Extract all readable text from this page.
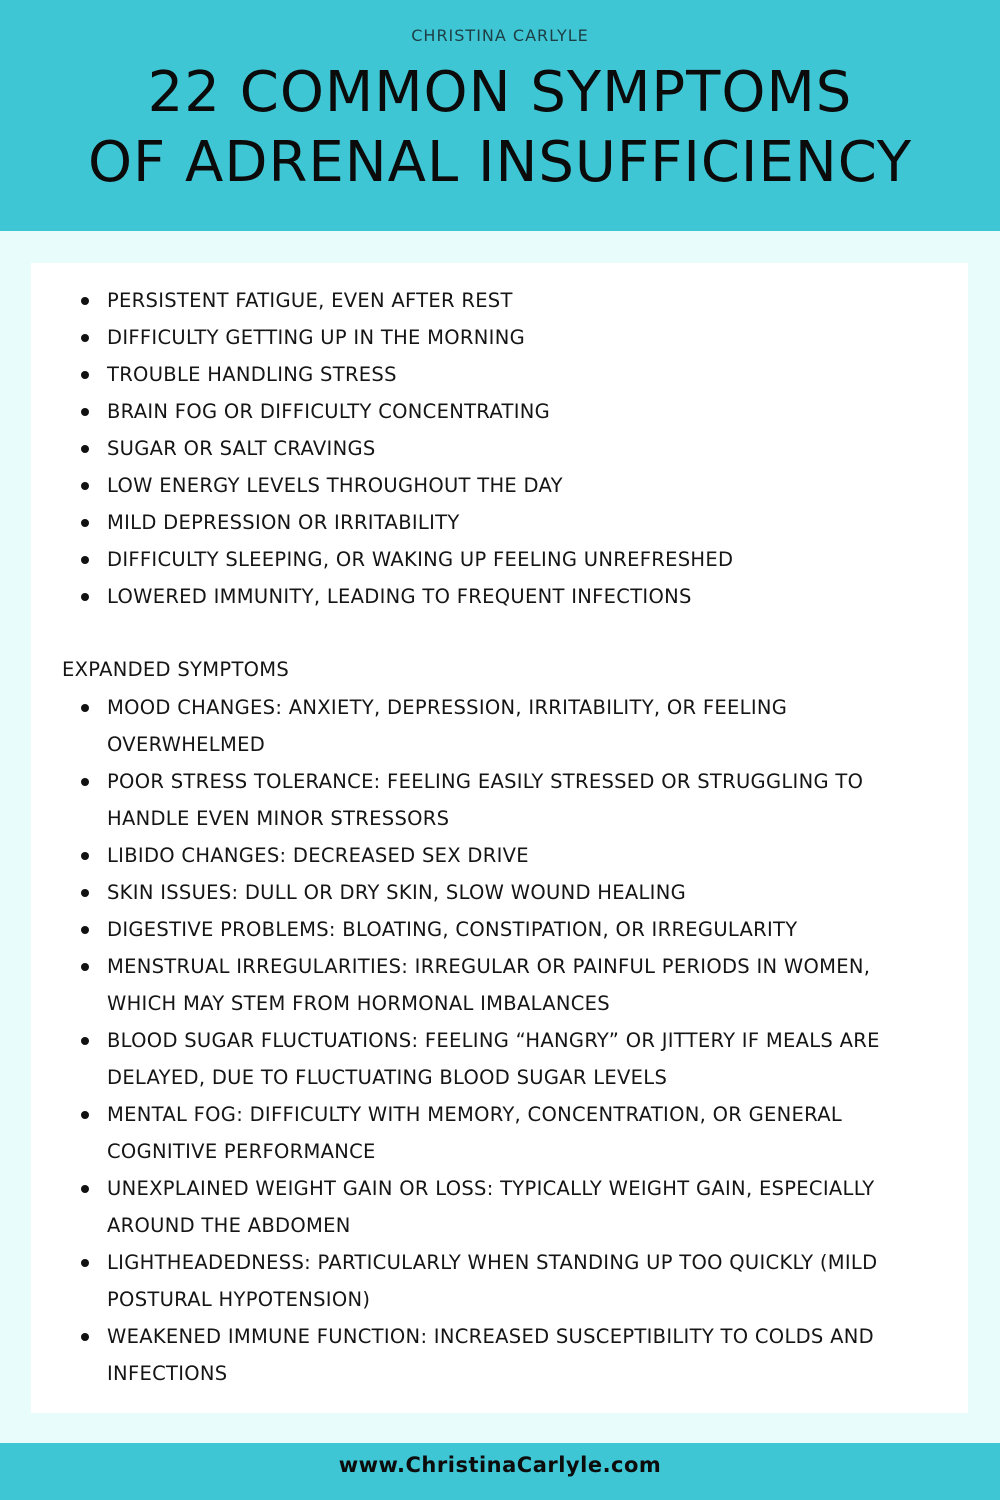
CHRISTINA CARLYLE
22 COMMON SYMPTOMS
OF ADRENAL INSUFFICIENCY
PERSISTENT FATIGUE, EVEN AFTER REST
DIFFICULTY GETTING UP IN THE MORNING
TROUBLE HANDLING STRESS
BRAIN FOG OR DIFFICULTY CONCENTRATING
SUGAR OR SALT CRAVINGS
LOW ENERGY LEVELS THROUGHOUT THE DAY
MILD DEPRESSION OR IRRITABILITY
DIFFICULTY SLEEPING, OR WAKING UP FEELING UNREFRESHED
LOWERED IMMUNITY, LEADING TO FREQUENT INFECTIONS
EXPANDED SYMPTOMS
MOOD CHANGES: ANXIETY, DEPRESSION, IRRITABILITY, OR FEELING OVERWHELMED
POOR STRESS TOLERANCE: FEELING EASILY STRESSED OR STRUGGLING TO HANDLE EVEN MINOR STRESSORS
LIBIDO CHANGES: DECREASED SEX DRIVE
SKIN ISSUES: DULL OR DRY SKIN, SLOW WOUND HEALING
DIGESTIVE PROBLEMS: BLOATING, CONSTIPATION, OR IRREGULARITY
MENSTRUAL IRREGULARITIES: IRREGULAR OR PAINFUL PERIODS IN WOMEN, WHICH MAY STEM FROM HORMONAL IMBALANCES
BLOOD SUGAR FLUCTUATIONS: FEELING “HANGRY” OR JITTERY IF MEALS ARE DELAYED, DUE TO FLUCTUATING BLOOD SUGAR LEVELS
MENTAL FOG: DIFFICULTY WITH MEMORY, CONCENTRATION, OR GENERAL COGNITIVE PERFORMANCE
UNEXPLAINED WEIGHT GAIN OR LOSS: TYPICALLY WEIGHT GAIN, ESPECIALLY AROUND THE ABDOMEN
LIGHTHEADEDNESS: PARTICULARLY WHEN STANDING UP TOO QUICKLY (MILD POSTURAL HYPOTENSION)
WEAKENED IMMUNE FUNCTION: INCREASED SUSCEPTIBILITY TO COLDS AND INFECTIONS
www.ChristinaCarlyle.com
